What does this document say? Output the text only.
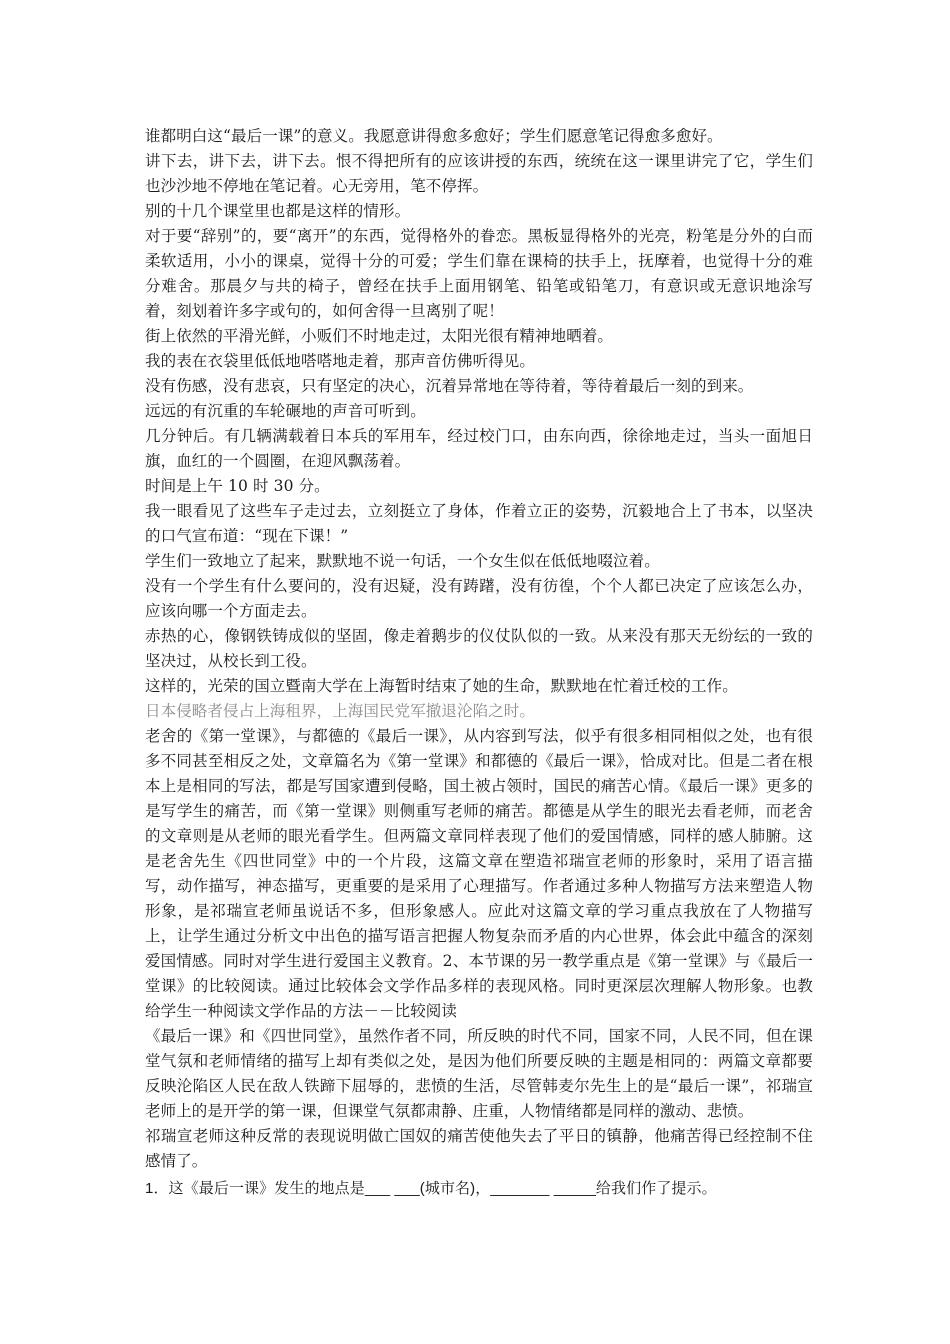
谁都明白这“最后一课”的意义。我愿意讲得愈多愈好；学生们愿意笔记得愈多愈好。

讲下去，讲下去，讲下去。恨不得把所有的应该讲授的东西，统统在这一课里讲完了它，学生们也沙沙地不停地在笔记着。心无旁用，笔不停挥。

别的十几个课堂里也都是这样的情形。

对于要“辞别”的，要“离开”的东西，觉得格外的眷恋。黑板显得格外的光亮，粉笔是分外的白而柔软适用，小小的课桌，觉得十分的可爱；学生们靠在课椅的扶手上，抚摩着，也觉得十分的难分难舍。那晨夕与共的椅子，曾经在扶手上面用钢笔、铅笔或铅笔刀，有意识或无意识地涂写着，刻划着许多字或句的，如何舍得一旦离别了呢！

街上依然的平滑光鲜，小贩们不时地走过，太阳光很有精神地晒着。

我的表在衣袋里低低地嗒嗒地走着，那声音仿佛听得见。

没有伤感，没有悲哀，只有坚定的决心，沉着异常地在等待着，等待着最后一刻的到来。

远远的有沉重的车轮碾地的声音可听到。

几分钟后。有几辆满载着日本兵的军用车，经过校门口，由东向西，徐徐地走过，当头一面旭日旗，血红的一个圆圈，在迎风飘荡着。

时间是上午 10 时 30 分。

我一眼看见了这些车子走过去，立刻挺立了身体，作着立正的姿势，沉毅地合上了书本，以坚决的口气宣布道：“现在下课！”

学生们一致地立了起来，默默地不说一句话，一个女生似在低低地啜泣着。

没有一个学生有什么要问的，没有迟疑，没有踌躇，没有彷徨，个个人都已决定了应该怎么办，应该向哪一个方面走去。

赤热的心，像钢铁铸成似的坚固，像走着鹅步的仪仗队似的一致。从来没有那天无纷纭的一致的坚决过，从校长到工役。

这样的，光荣的国立暨南大学在上海暂时结束了她的生命，默默地在忙着迁校的工作。

日本侵略者侵占上海租界，上海国民党军撤退沦陷之时。

老舍的《第一堂课》，与都德的《最后一课》，从内容到写法，似乎有很多相同相似之处，也有很多不同甚至相反之处，文章篇名为《第一堂课》和都德的《最后一课》，恰成对比。但是二者在根本上是相同的写法，都是写国家遭到侵略，国土被占领时，国民的痛苦心情。《最后一课》更多的是写学生的痛苦，而《第一堂课》则侧重写老师的痛苦。都德是从学生的眼光去看老师，而老舍的文章则是从老师的眼光看学生。但两篇文章同样表现了他们的爱国情感，同样的感人肺腑。这是老舍先生《四世同堂》中的一个片段，这篇文章在塑造祁瑞宣老师的形象时，采用了语言描写，动作描写，神态描写，更重要的是采用了心理描写。作者通过多种人物描写方法来塑造人物形象，是祁瑞宣老师虽说话不多，但形象感人。应此对这篇文章的学习重点我放在了人物描写上，让学生通过分析文中出色的描写语言把握人物复杂而矛盾的内心世界，体会此中蕴含的深刻爱国情感。同时对学生进行爱国主义教育。2、本节课的另一教学重点是《第一堂课》与《最后一堂课》的比较阅读。通过比较体会文学作品多样的表现风格。同时更深层次理解人物形象。也教给学生一种阅读文学作品的方法－－比较阅读

《最后一课》和《四世同堂》，虽然作者不同，所反映的时代不同，国家不同，人民不同，但在课堂气氛和老师情绪的描写上却有类似之处，是因为他们所要反映的主题是相同的：两篇文章都要反映沦陷区人民在敌人铁蹄下屈辱的，悲愤的生活，尽管韩麦尔先生上的是“最后一课”，祁瑞宣老师上的是开学的第一课，但课堂气氛都肃静、庄重，人物情绪都是同样的激动、悲愤。

祁瑞宣老师这种反常的表现说明做亡国奴的痛苦使他失去了平日的镇静，他痛苦得已经控制不住感情了。

1．这《最后一课》发生的地点是___ ___(城市名)，_______ _____给我们作了提示。
